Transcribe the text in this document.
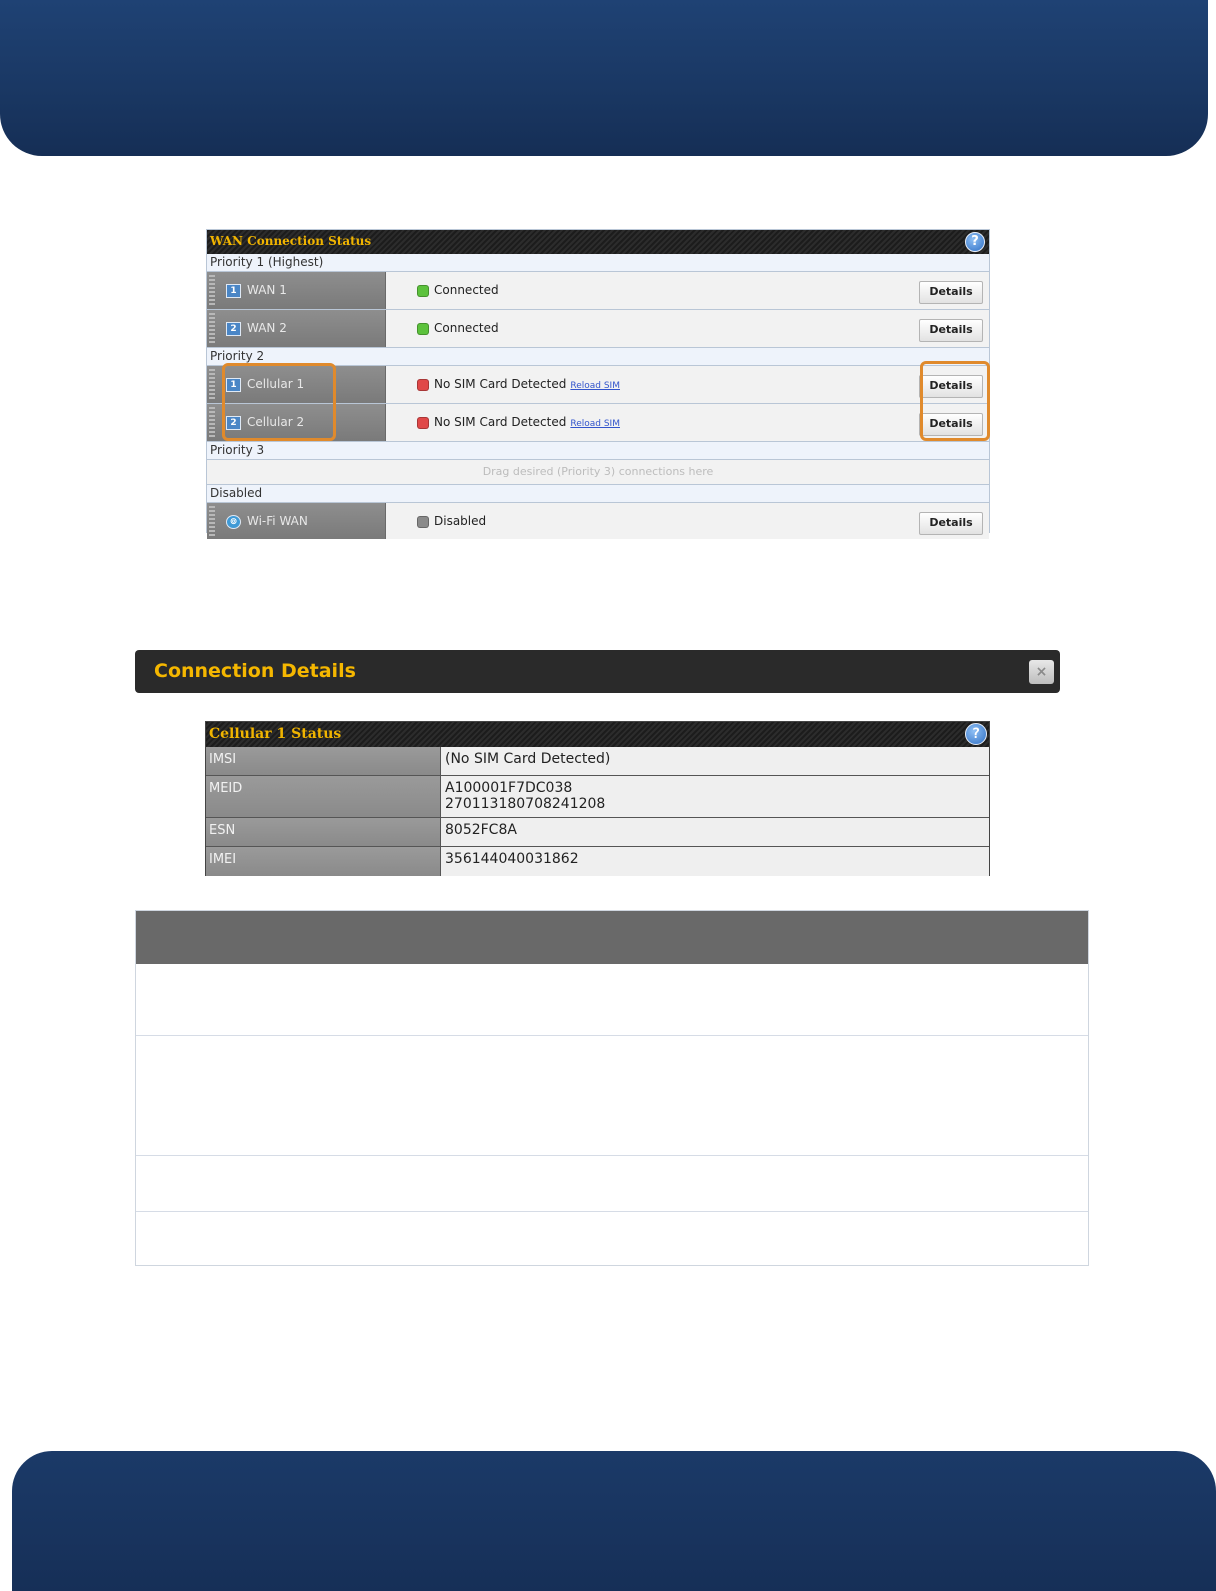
WAN Connection Status	?
Priority 1 (Highest)
1 WAN 1	Connected	Details
2 WAN 2	Connected	Details
Priority 2
1 Cellular 1	No SIM Card Detected Reload SIM	Details
2 Cellular 2	No SIM Card Detected Reload SIM	Details
Priority 3
Drag desired (Priority 3) connections here
Disabled
⊚ Wi-Fi WAN	Disabled	Details
Connection Details	×
Cellular 1 Status	?
IMSI	(No SIM Card Detected)
MEID	A100001F7DC038
270113180708241208
ESN	8052FC8A
IMEI	356144040031862
